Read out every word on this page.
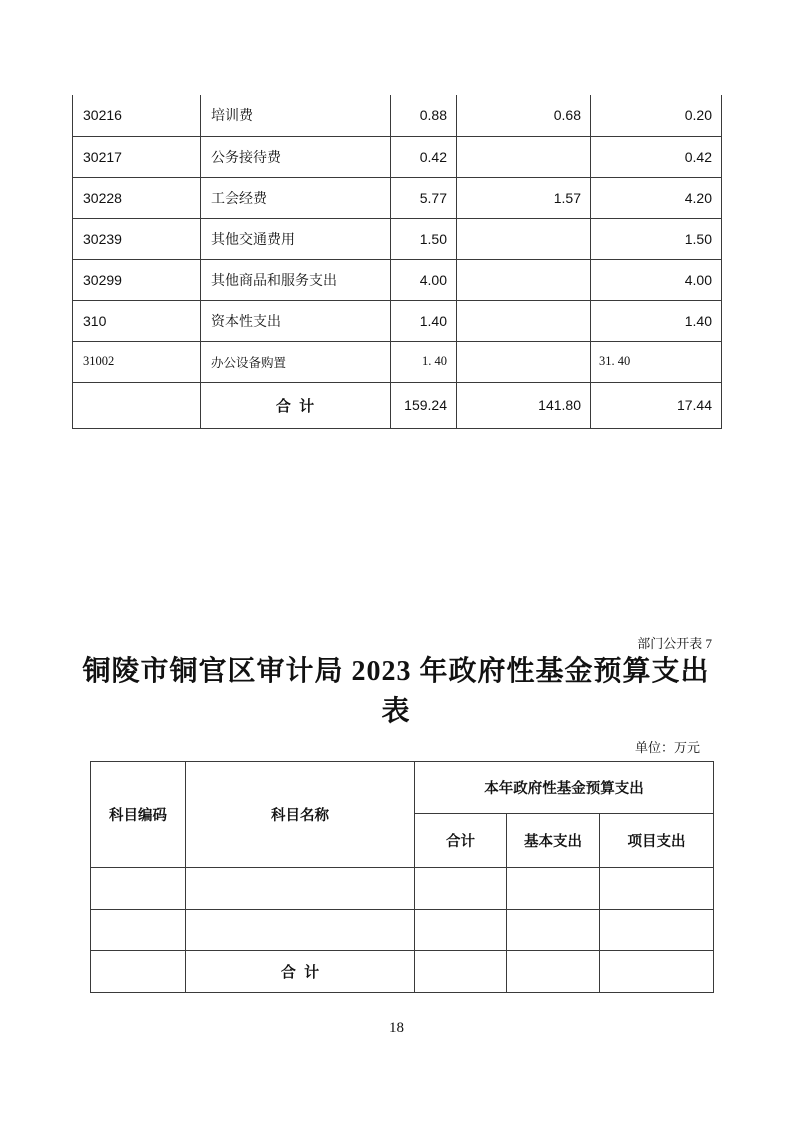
30216	培训费	0.88	0.68	0.20
30217	公务接待费	0.42		0.42
30228	工会经费	5.77	1.57	4.20
30239	其他交通费用	1.50		1.50
30299	其他商品和服务支出	4.00		4.00
310	资本性支出	1.40		1.40
31002	办公设备购置	1. 40		31. 40
	合  计	159.24	141.80	17.44
部门公开表 7
铜陵市铜官区审计局 2023 年政府性基金预算支出
表
单位：万元
科目编码	科目名称	本年政府性基金预算支出		
		合计	基本支出	项目支出

	合  计			
18
